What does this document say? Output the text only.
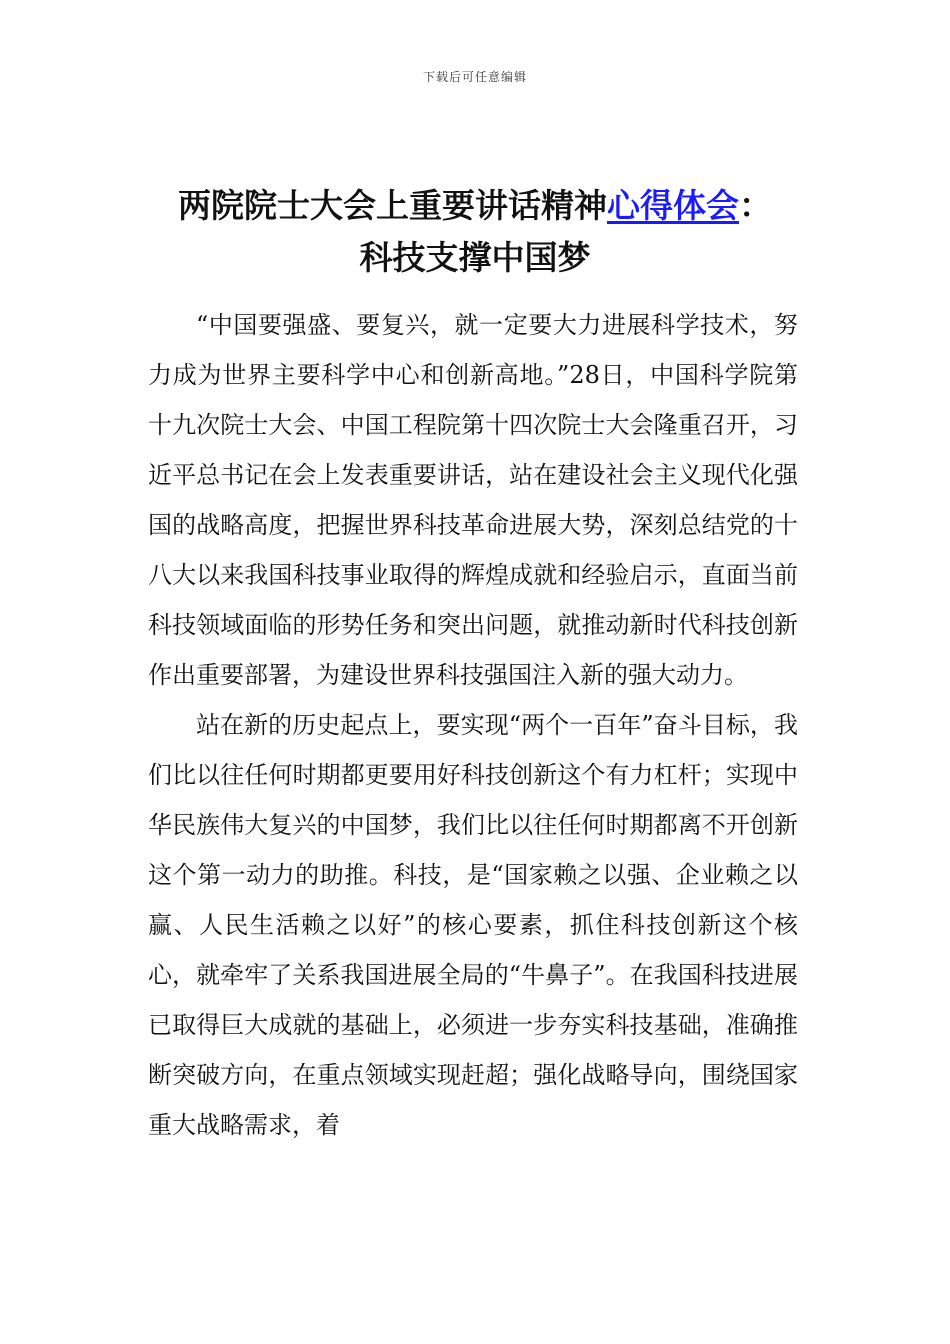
下载后可任意编辑
两院院士大会上重要讲话精神心得体会：
科技支撑中国梦

“中国要强盛、要复兴，就一定要大力进展科学技术，努力成为世界主要科学中心和创新高地。”28日，中国科学院第十九次院士大会、中国工程院第十四次院士大会隆重召开，习近平总书记在会上发表重要讲话，站在建设社会主义现代化强国的战略高度，把握世界科技革命进展大势，深刻总结党的十八大以来我国科技事业取得的辉煌成就和经验启示，直面当前科技领域面临的形势任务和突出问题，就推动新时代科技创新作出重要部署，为建设世界科技强国注入新的强大动力。

站在新的历史起点上，要实现“两个一百年”奋斗目标，我们比以往任何时期都更要用好科技创新这个有力杠杆；实现中华民族伟大复兴的中国梦，我们比以往任何时期都离不开创新这个第一动力的助推。科技，是“国家赖之以强、企业赖之以赢、人民生活赖之以好”的核心要素，抓住科技创新这个核心，就牵牢了关系我国进展全局的“牛鼻子”。在我国科技进展已取得巨大成就的基础上，必须进一步夯实科技基础，准确推断突破方向，在重点领域实现赶超；强化战略导向，围绕国家重大战略需求，着
